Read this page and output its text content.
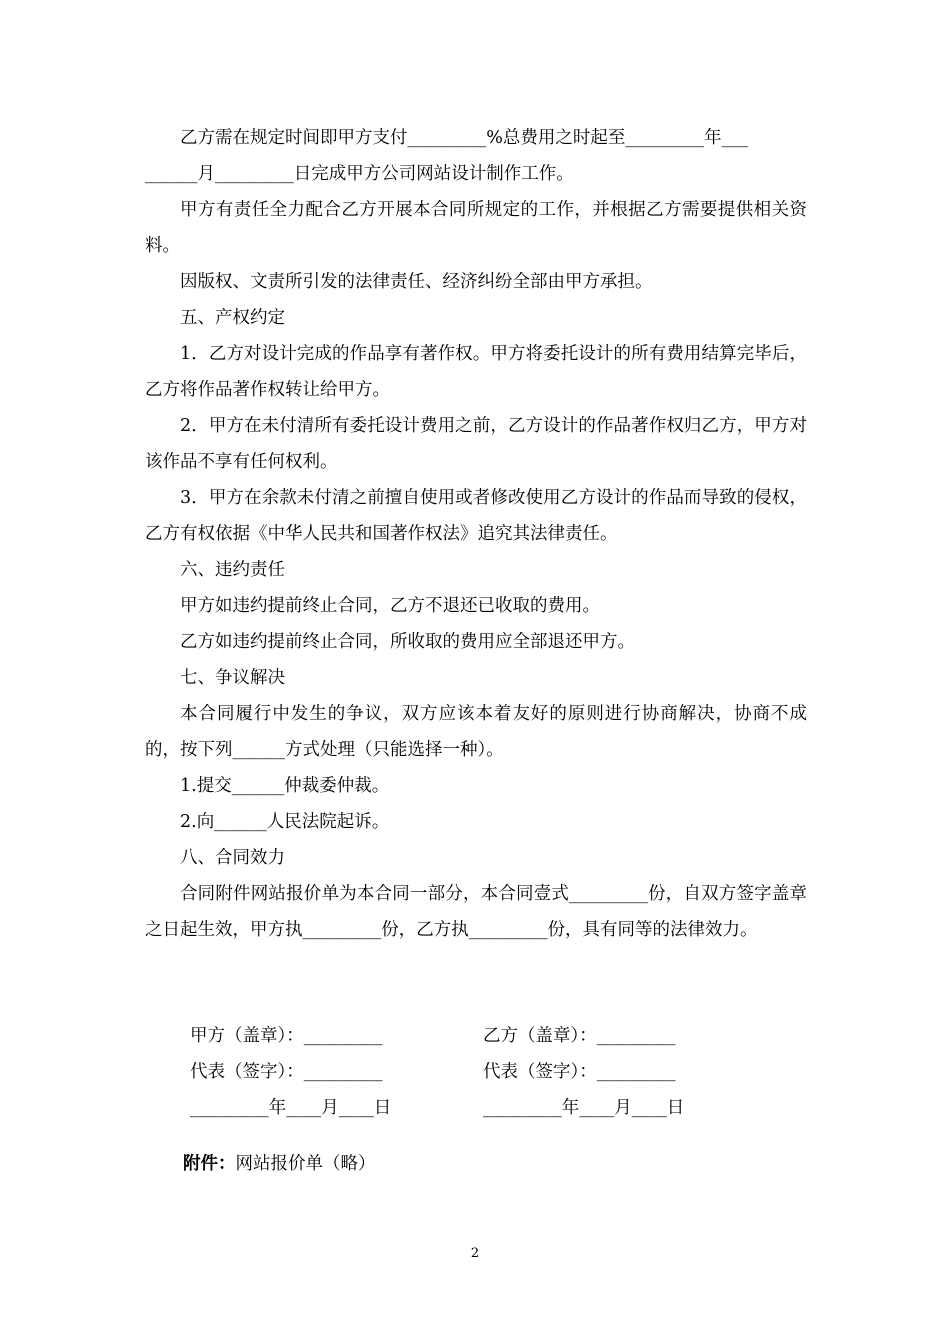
乙方需在规定时间即甲方支付_________%总费用之时起至_________年___
______月_________日完成甲方公司网站设计制作工作。

甲方有责任全力配合乙方开展本合同所规定的工作，并根据乙方需要提供相关资料。

因版权、文责所引发的法律责任、经济纠纷全部由甲方承担。

五、产权约定

1．乙方对设计完成的作品享有著作权。甲方将委托设计的所有费用结算完毕后，乙方将作品著作权转让给甲方。

2．甲方在未付清所有委托设计费用之前，乙方设计的作品著作权归乙方，甲方对该作品不享有任何权利。

3．甲方在余款未付清之前擅自使用或者修改使用乙方设计的作品而导致的侵权，乙方有权依据《中华人民共和国著作权法》追究其法律责任。

六、违约责任

甲方如违约提前终止合同，乙方不退还已收取的费用。

乙方如违约提前终止合同，所收取的费用应全部退还甲方。

七、争议解决

本合同履行中发生的争议，双方应该本着友好的原则进行协商解决，协商不成的，按下列______方式处理（只能选择一种）。

1.提交______仲裁委仲裁。

2.向______人民法院起诉。

八、合同效力

合同附件网站报价单为本合同一部分，本合同壹式_________份，自双方签字盖章之日起生效，甲方执_________份，乙方执_________份，具有同等的法律效力。

甲方（盖章）：_________
代表（签字）：_________
_________年____月____日
乙方（盖章）：_________
代表（签字）：_________
_________年____月____日
附件：网站报价单（略）
2
